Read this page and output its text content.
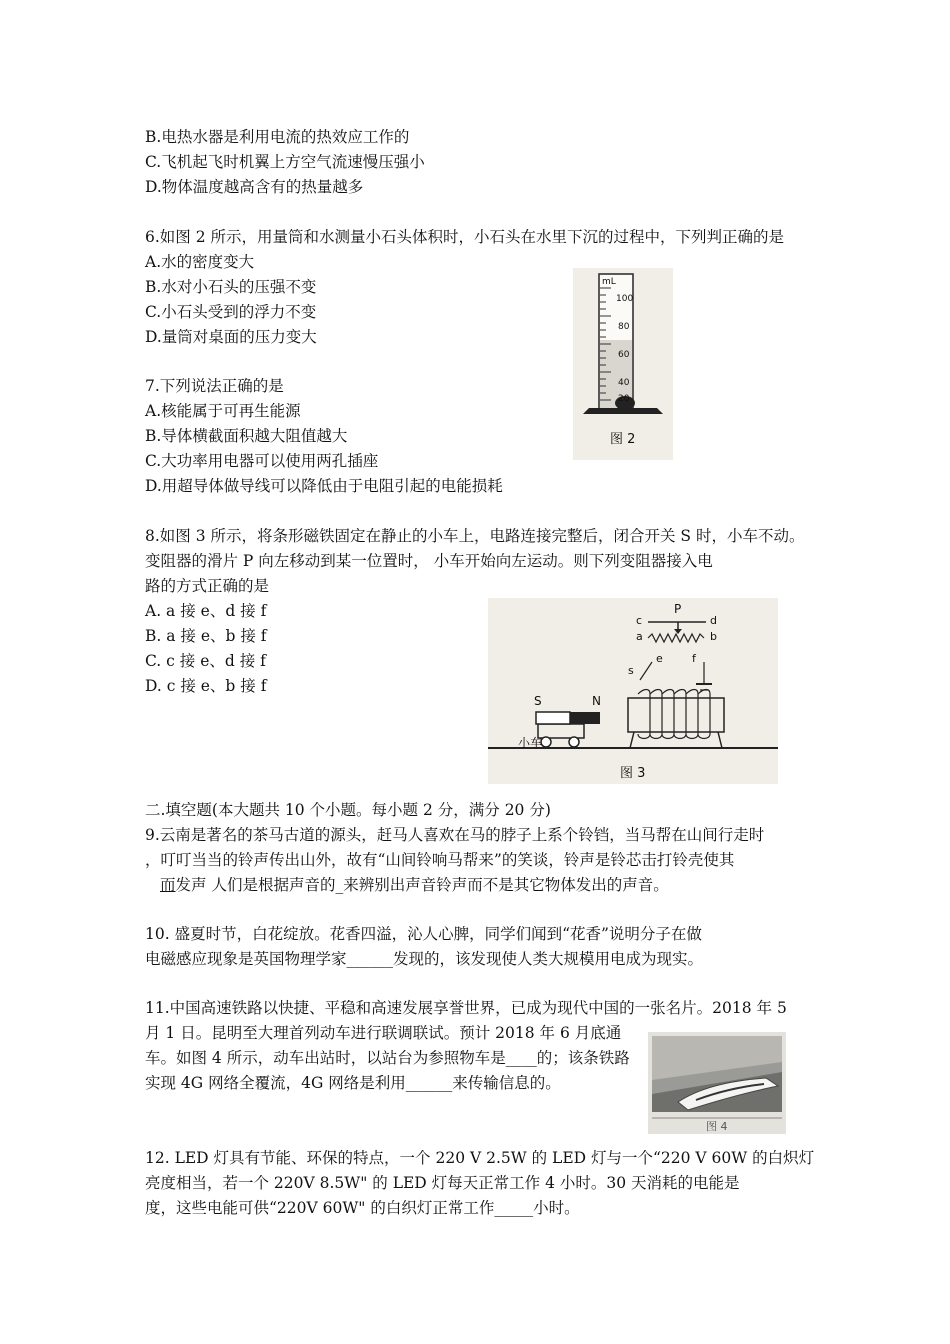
B.电热水器是利用电流的热效应工作的
C.飞机起飞时机翼上方空气流速慢压强小
D.物体温度越高含有的热量越多
6.如图 2 所示，用量筒和水测量小石头体积时，小石头在水里下沉的过程中，下列判正确的是
A.水的密度变大
B.水对小石头的压强不变
C.小石头受到的浮力不变
D.量筒对桌面的压力变大
mL
100
80
60
40
20
图 2
7.下列说法正确的是
A.核能属于可再生能源
B.导体横截面积越大阻值越大
C.大功率用电器可以使用两孔插座
D.用超导体做导线可以降低由于电阻引起的电能损耗
8.如图 3 所示，将条形磁铁固定在静止的小车上，电路连接完整后，闭合开关 S 时，小车不动。
变阻器的滑片 P 向左移动到某一位置时， 小车开始向左运动。则下列变阻器接入电
路的方式正确的是
A. a 接 e、d 接 f
B. a 接 e、b 接 f
C. c 接 e、d 接 f
D. c 接 e、b 接 f
S	N
小车
P
c	d
a	b
e	f
s
图 3
二.填空题(本大题共 10 个小题。每小题 2 分，满分 20 分)
9.云南是著名的茶马古道的源头，赶马人喜欢在马的脖子上系个铃铛，当马帮在山间行走时
，叮叮当当的铃声传出山外，故有“山间铃响马帮来”的笑谈，铃声是铃芯击打铃壳使其
而发声 人们是根据声音的_来辨别出声音铃声而不是其它物体发出的声音。
10. 盛夏时节，白花绽放。花香四溢，沁人心脾，同学们闻到“花香”说明分子在做
电磁感应现象是英国物理学家______发现的，该发现使人类大规模用电成为现实。
11.中国高速铁路以快捷、平稳和高速发展享誉世界，已成为现代中国的一张名片。2018 年 5
月 1 日。昆明至大理首列动车进行联调联试。预计 2018 年 6 月底通
车。如图 4 所示，动车出站时，以站台为参照物车是____的；该条铁路
实现 4G 网络全覆流，4G 网络是利用______来传输信息的。
图 4
12. LED 灯具有节能、环保的特点，一个 220 V 2.5W 的 LED 灯与一个“220 V 60W 的白炽灯
亮度相当，若一个 220V 8.5W" 的 LED 灯每天正常工作 4 小时。30 天消耗的电能是
度，这些电能可供“220V 60W" 的白织灯正常工作_____小时。
